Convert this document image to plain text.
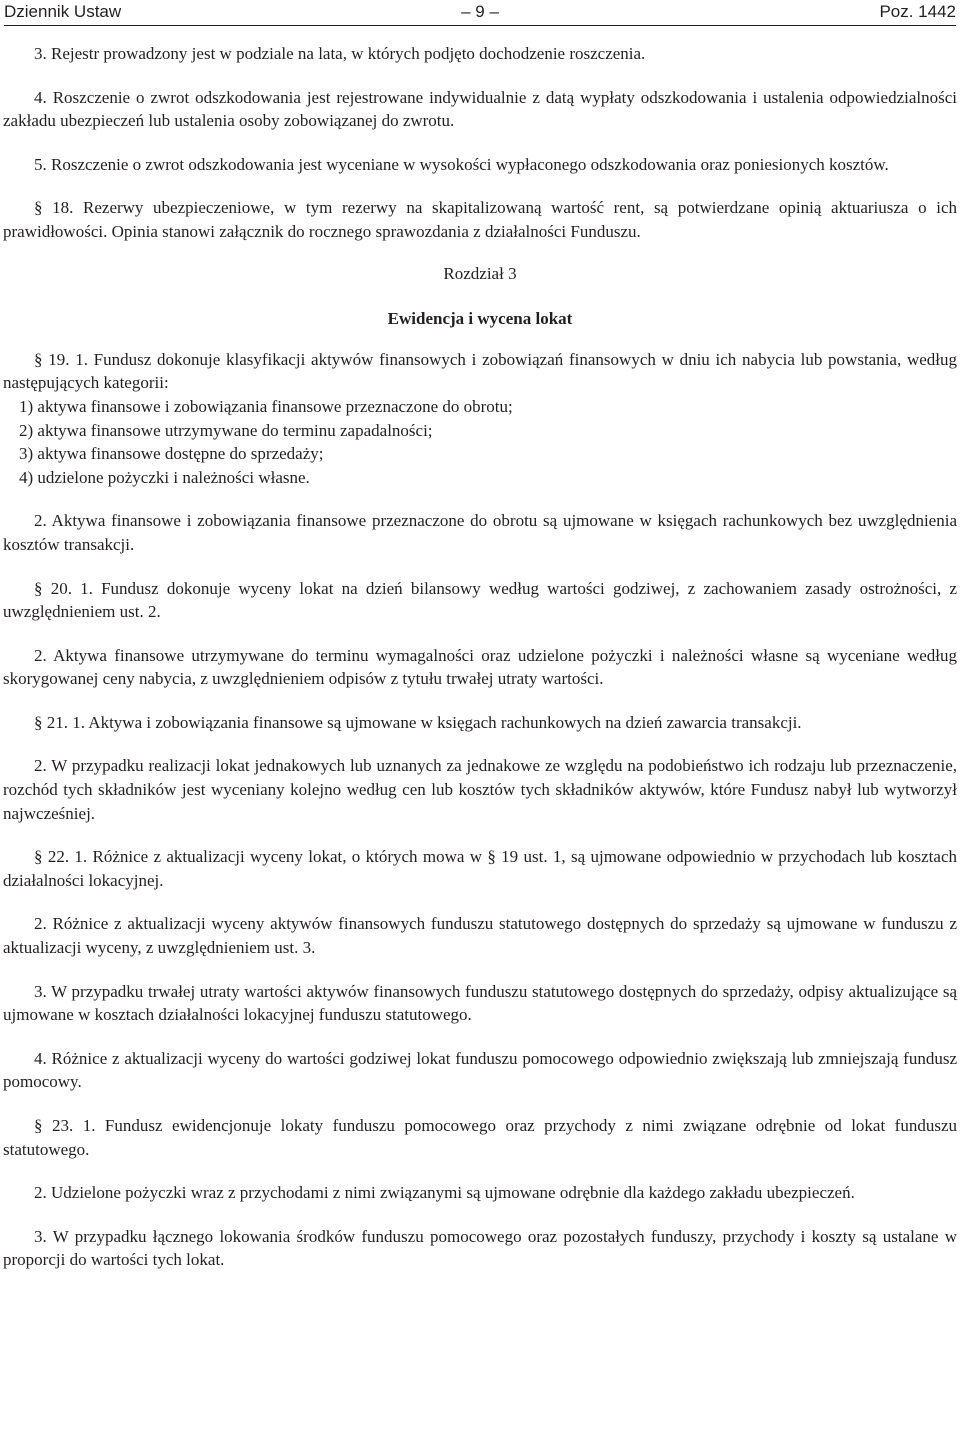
Dziennik Ustaw	– 9 –	Poz. 1442

3. Rejestr prowadzony jest w podziale na lata, w których podjęto dochodzenie roszczenia.

4. Roszczenie o zwrot odszkodowania jest rejestrowane indywidualnie z datą wypłaty odszkodowania i ustalenia odpowiedzialności zakładu ubezpieczeń lub ustalenia osoby zobowiązanej do zwrotu.

5. Roszczenie o zwrot odszkodowania jest wyceniane w wysokości wypłaconego odszkodowania oraz poniesionych kosztów.

§ 18. Rezerwy ubezpieczeniowe, w tym rezerwy na skapitalizowaną wartość rent, są potwierdzane opinią aktuariusza o ich prawidłowości. Opinia stanowi załącznik do rocznego sprawozdania z działalności Funduszu.

Rozdział 3

Ewidencja i wycena lokat

§ 19. 1. Fundusz dokonuje klasyfikacji aktywów finansowych i zobowiązań finansowych w dniu ich nabycia lub powstania, według następujących kategorii:

1) aktywa finansowe i zobowiązania finansowe przeznaczone do obrotu;

2) aktywa finansowe utrzymywane do terminu zapadalności;

3) aktywa finansowe dostępne do sprzedaży;

4) udzielone pożyczki i należności własne.

2. Aktywa finansowe i zobowiązania finansowe przeznaczone do obrotu są ujmowane w księgach rachunkowych bez uwzględnienia kosztów transakcji.

§ 20. 1. Fundusz dokonuje wyceny lokat na dzień bilansowy według wartości godziwej, z zachowaniem zasady ostrożności, z uwzględnieniem ust. 2.

2. Aktywa finansowe utrzymywane do terminu wymagalności oraz udzielone pożyczki i należności własne są wyceniane według skorygowanej ceny nabycia, z uwzględnieniem odpisów z tytułu trwałej utraty wartości.

§ 21. 1. Aktywa i zobowiązania finansowe są ujmowane w księgach rachunkowych na dzień zawarcia transakcji.

2. W przypadku realizacji lokat jednakowych lub uznanych za jednakowe ze względu na podobieństwo ich rodzaju lub przeznaczenie, rozchód tych składników jest wyceniany kolejno według cen lub kosztów tych składników aktywów, które Fundusz nabył lub wytworzył najwcześniej.

§ 22. 1. Różnice z aktualizacji wyceny lokat, o których mowa w § 19 ust. 1, są ujmowane odpowiednio w przychodach lub kosztach działalności lokacyjnej.

2. Różnice z aktualizacji wyceny aktywów finansowych funduszu statutowego dostępnych do sprzedaży są ujmowane w funduszu z aktualizacji wyceny, z uwzględnieniem ust. 3.

3. W przypadku trwałej utraty wartości aktywów finansowych funduszu statutowego dostępnych do sprzedaży, odpisy aktualizujące są ujmowane w kosztach działalności lokacyjnej funduszu statutowego.

4. Różnice z aktualizacji wyceny do wartości godziwej lokat funduszu pomocowego odpowiednio zwiększają lub zmniejszają fundusz pomocowy.

§ 23. 1. Fundusz ewidencjonuje lokaty funduszu pomocowego oraz przychody z nimi związane odrębnie od lokat funduszu statutowego.

2. Udzielone pożyczki wraz z przychodami z nimi związanymi są ujmowane odrębnie dla każdego zakładu ubezpieczeń.

3. W przypadku łącznego lokowania środków funduszu pomocowego oraz pozostałych funduszy, przychody i koszty są ustalane w proporcji do wartości tych lokat.
